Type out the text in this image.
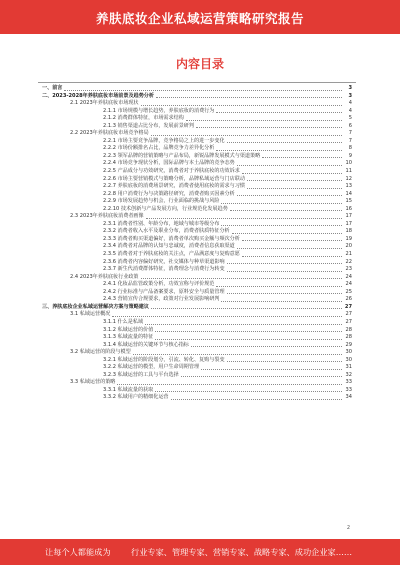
养肤底妆企业私域运营策略研究报告
内容目录
一、前言	3
二、2023-2028年养肤底妆市场前景及趋势分析	3
2.1 2023年养肤底妆市场现状	4
2.1.1 市场规模与增长趋势，养肤底妆的消费行为	4
2.1.2 消费群体特征，市场需求结构	5
2.1.3 销售渠道占比分布，发展前景研判	6
2.2 2023年养肤底妆市场竞争格局	7
2.2.1 市场主要竞争品牌，竞争格局之上的进一步变化	7
2.2.2 市场份额排名占比，品牌竞争力差异化分析	8
2.2.3 领军品牌的营销策略与产品布局，新锐品牌发展模式与渠道策略	9
2.2.4 市场竞争现状分析，国际品牌与本土品牌的竞争态势	10
2.2.5 产品成分与功效研究，消费者对于养肤底妆的功效诉求	11
2.2.6 市场主要营销模式与策略分析，品牌私域运营与门店联动	12
2.2.7 养肤底妆的消费场景研究，消费者使用底妆的需求与习惯	13
2.2.8 用户消费行为与决策路径研究，消费者购买因素分析	14
2.2.9 市场发展趋势与机会，行业面临的挑战与风险	15
2.2.10 技术创新与产品发展方向，行业规范化发展趋势	16
2.3 2023年养肤底妆消费者画像	17
2.3.1 消费者性别、年龄分布，地域与城市等级分布	17
2.3.2 消费者收入水平及职业分布，消费者肤质特征分析	18
2.3.3 消费者购买渠道偏好，消费者单次购买金额与频次分析	19
2.3.4 消费者对品牌的认知与忠诚度，消费者信息获取渠道	20
2.3.5 消费者对于养肤底妆的关注点，产品满意度与复购意愿	21
2.3.6 消费者内容偏好研究，社交媒体与种草渠道影响	22
2.3.7 新生代消费群体特征，消费理念与消费行为转变	23
2.4 2023年养肤底妆行业政策	24
2.4.1 化妆品监管政策分析，功效宣称与评价规范	24
2.4.2 行业标准与产品备案要求，原料安全与质量管理	25
2.4.3 营销宣传合规要求，政策对行业发展影响研判	26
三、养肤底妆企业私域运营解决方案与策略建议	27
3.1 私域运营概况	27
3.1.1 什么是私域	27
3.1.2 私域运营的价值	28
3.1.3 私域流量的特征	28
3.1.4 私域运营的关键环节与核心指标	29
3.2 私域运营的阶段与模型	30
3.2.1 私域运营的阶段划分，引流、转化、复购与裂变	30
3.2.2 私域运营的模型，用户生命周期管理	31
3.2.3 私域运营的工具与平台选择	32
3.3 私域运营的策略	33
3.3.1 私域流量的获取	33
3.3.2 私域用户的精细化运营	34
2
让每个人都能成为 行业专家、管理专家、营销专家、战略专家、成功企业家……
